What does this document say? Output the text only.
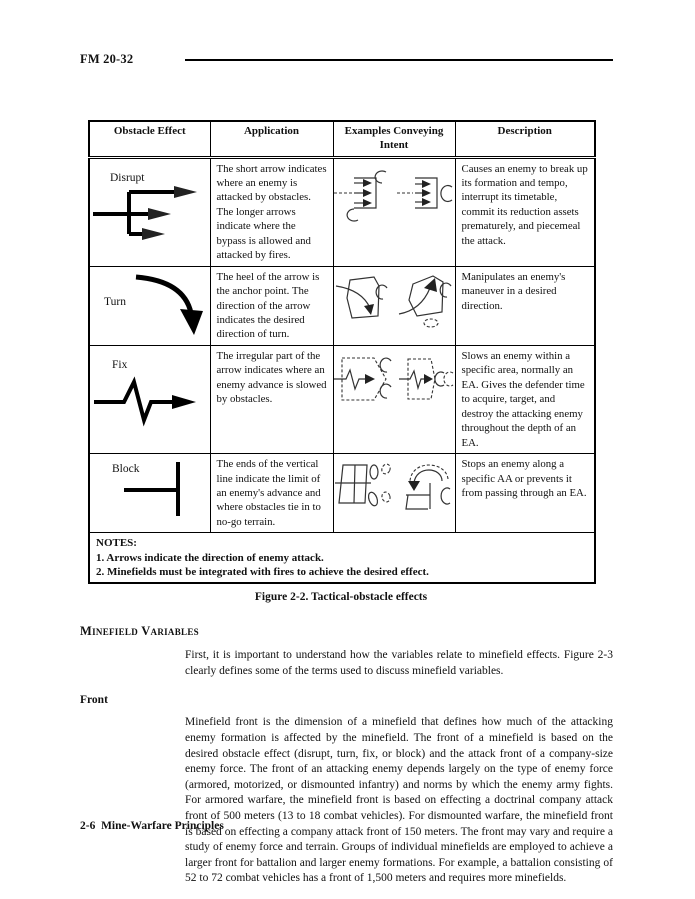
FM 20-32
Obstacle Effect	Application	Examples Conveying Intent	Description

Disrupt	The short arrow indicates where an enemy is attacked by obstacles. The longer arrows indicate where the bypass is allowed and attacked by fires.		Causes an enemy to break up its formation and tempo, interrupt its timetable, commit its reduction assets prematurely, and piecemeal the attack.

Turn	The heel of the arrow is the anchor point. The direction of the arrow indicates the desired direction of turn.		Manipulates an enemy's maneuver in a desired direction.

Fix	The irregular part of the arrow indicates where an enemy advance is slowed by obstacles.		Slows an enemy within a specific area, normally an EA. Gives the defender time to acquire, target, and destroy the attacking enemy throughout the depth of an EA.

Block	The ends of the vertical line indicate the limit of an enemy's advance and where obstacles tie in to no-go terrain.		Stops an enemy along a specific AA or prevents it from passing through an EA.

NOTES:
1. Arrows indicate the direction of enemy attack.
2. Minefields must be integrated with fires to achieve the desired effect.			
Figure 2-2. Tactical-obstacle effects
Minefield Variables

First, it is important to understand how the variables relate to minefield effects. Figure 2-3 clearly defines some of the terms used to discuss minefield variables.

Front

Minefield front is the dimension of a minefield that defines how much of the attacking enemy formation is affected by the minefield. The front of a minefield is based on the desired obstacle effect (disrupt, turn, fix, or block) and the attack front of a company-size enemy force. The front of an attacking enemy depends largely on the type of enemy force (armored, motorized, or dismounted infantry) and norms by which the enemy army fights. For armored warfare, the minefield front is based on effecting a doctrinal company attack front of 500 meters (13 to 18 combat vehicles). For dismounted warfare, the minefield front is based on effecting a company attack front of 150 meters. The front may vary and require a study of enemy force and terrain. Groups of individual minefields are employed to achieve a larger front for battalion and larger enemy formations. For example, a battalion consisting of 52 to 72 combat vehicles has a front of 1,500 meters and requires more minefields.

2-6  Mine-Warfare Principles
